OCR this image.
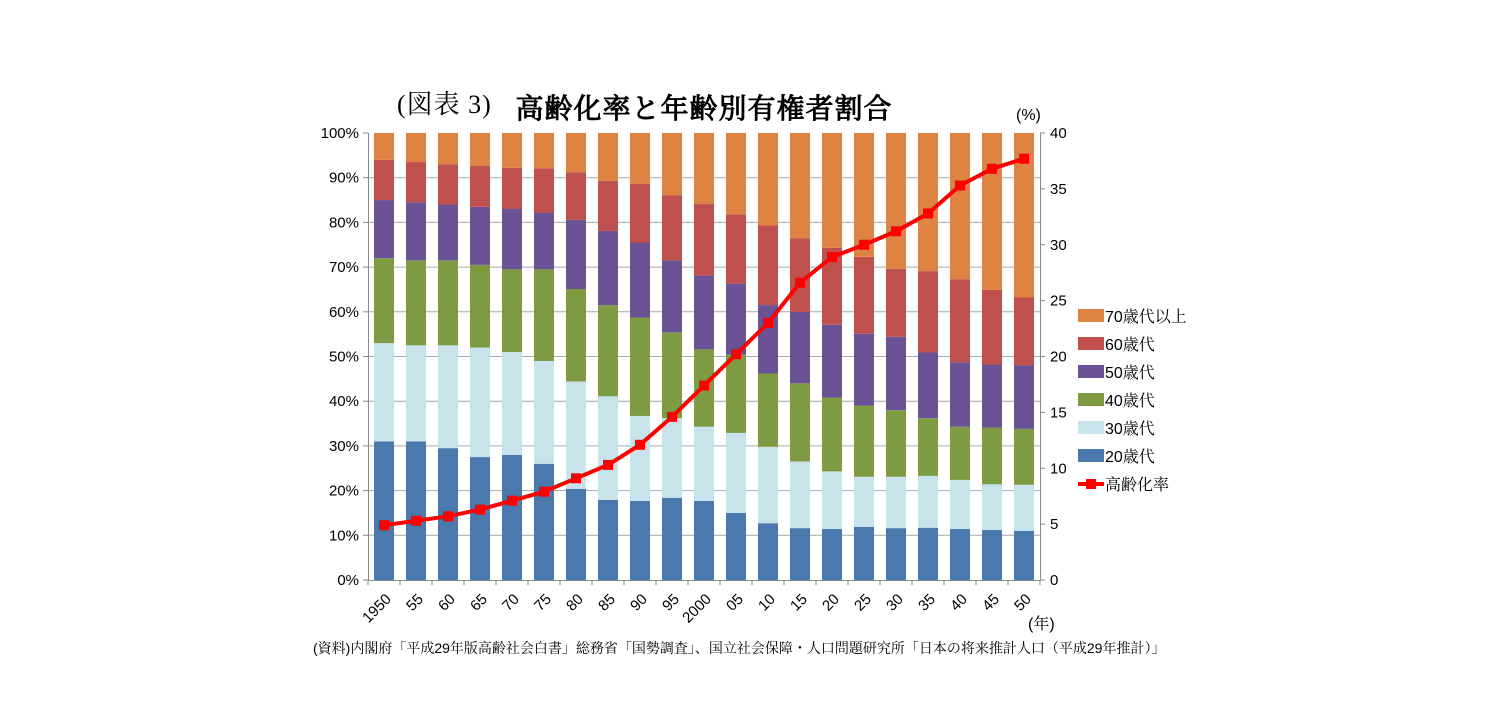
(図表 3) 高齢化率と年齢別有権者割合	(%)
(年)
0%
10%
20%
30%
40%
50%
60%
70%
80%
90%
100%
0
5
10
15
20
25
30
35
40
1950 55 60 65 70 75 80 85 90 95
2000 05 10 15 20 25 30 35 40 45 50
70歳代以上
60歳代
50歳代
40歳代
30歳代
20歳代
高齢化率
(資料)内閣府「平成29年版高齢社会白書」総務省「国勢調査」、国立社会保障・人口問題研究所「日本の将来推計人口（平成29年推計）」
